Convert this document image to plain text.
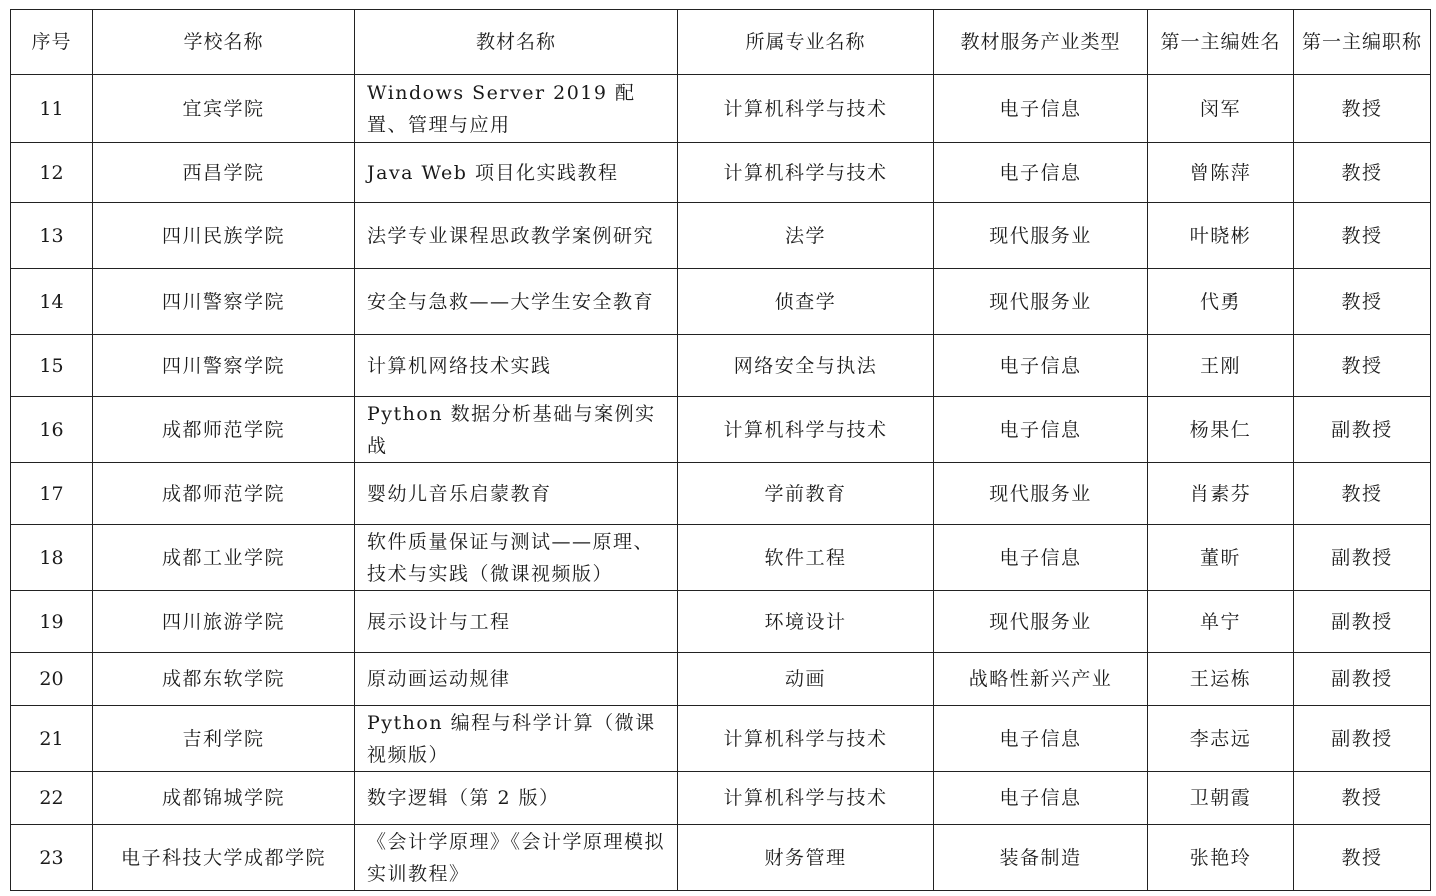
序号	学校名称	教材名称	所属专业名称	教材服务产业类型	第一主编姓名	第一主编职称
11	宜宾学院	Windows Server 2019 配置、管理与应用	计算机科学与技术	电子信息	闵军	教授
12	西昌学院	Java Web 项目化实践教程	计算机科学与技术	电子信息	曾陈萍	教授
13	四川民族学院	法学专业课程思政教学案例研究	法学	现代服务业	叶晓彬	教授
14	四川警察学院	安全与急救——大学生安全教育	侦查学	现代服务业	代勇	教授
15	四川警察学院	计算机网络技术实践	网络安全与执法	电子信息	王刚	教授
16	成都师范学院	Python 数据分析基础与案例实战	计算机科学与技术	电子信息	杨果仁	副教授
17	成都师范学院	婴幼儿音乐启蒙教育	学前教育	现代服务业	肖素芬	教授
18	成都工业学院	软件质量保证与测试——原理、技术与实践（微课视频版）	软件工程	电子信息	董昕	副教授
19	四川旅游学院	展示设计与工程	环境设计	现代服务业	单宁	副教授
20	成都东软学院	原动画运动规律	动画	战略性新兴产业	王运栋	副教授
21	吉利学院	Python 编程与科学计算（微课视频版）	计算机科学与技术	电子信息	李志远	副教授
22	成都锦城学院	数字逻辑（第 2 版）	计算机科学与技术	电子信息	卫朝霞	教授
23	电子科技大学成都学院	《会计学原理》《会计学原理模拟实训教程》	财务管理	装备制造	张艳玲	教授
